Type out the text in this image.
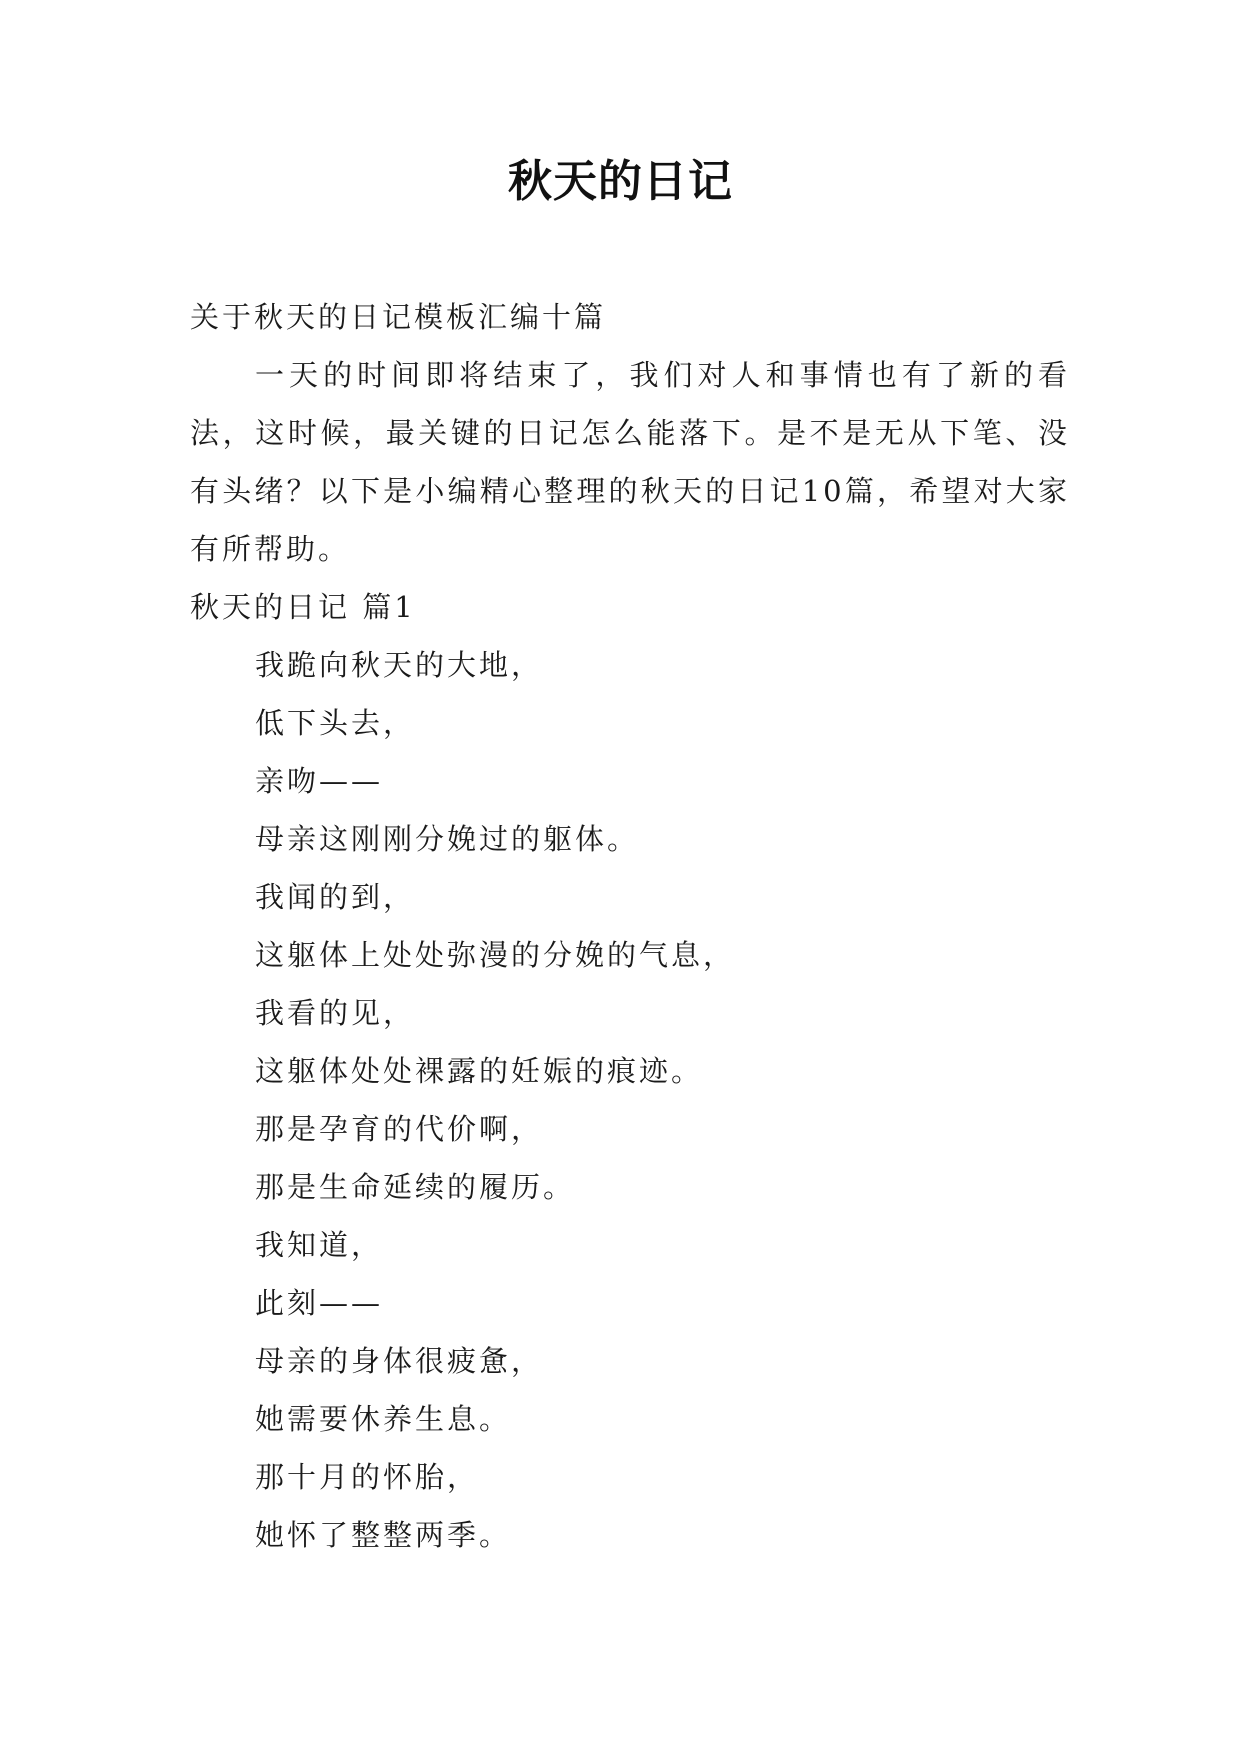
秋天的日记
关于秋天的日记模板汇编十篇
一天的时间即将结束了，我们对人和事情也有了新的看法，这时候，最关键的日记怎么能落下。是不是无从下笔、没有头绪？以下是小编精心整理的秋天的日记10篇，希望对大家有所帮助。
秋天的日记 篇1
我跪向秋天的大地，
低下头去，
亲吻——
母亲这刚刚分娩过的躯体。
我闻的到，
这躯体上处处弥漫的分娩的气息，
我看的见，
这躯体处处裸露的妊娠的痕迹。
那是孕育的代价啊，
那是生命延续的履历。
我知道，
此刻——
母亲的身体很疲惫，
她需要休养生息。
那十月的怀胎，
她怀了整整两季。
